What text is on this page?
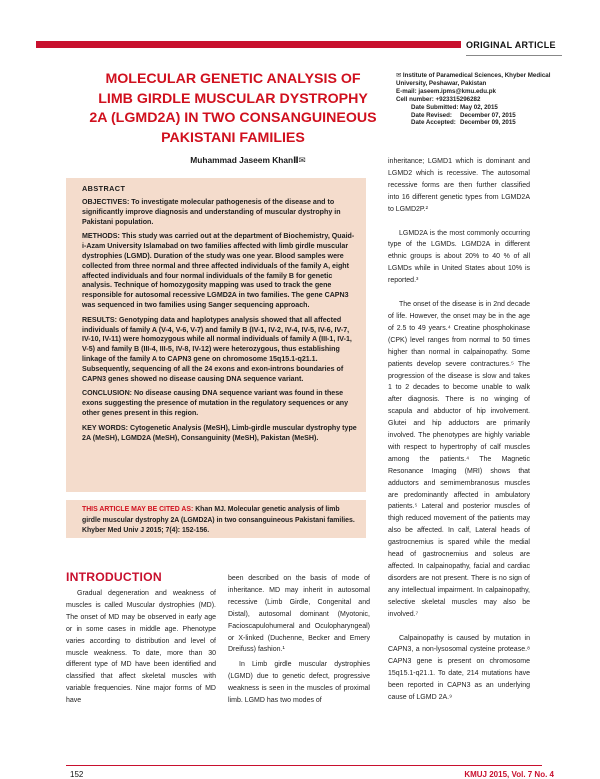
ORIGINAL ARTICLE
MOLECULAR GENETIC ANALYSIS OF LIMB GIRDLE MUSCULAR DYSTROPHY 2A (LGMD2A) IN TWO CONSANGUINEOUS PAKISTANI FAMILIES

Muhammad Jaseem KhanⅡ✉

✉ Institute of Paramedical Sciences, Khyber Medical University, Peshawar, Pakistan
E-mail: jaseem.ipms@kmu.edu.pk
Cell number: +923315296282
Date Submitted: May 02, 2015
Date Revised:	December 07, 2015
Date Accepted: December 09, 2015
ABSTRACT

OBJECTIVES: To investigate molecular pathogenesis of the disease and to significantly improve diagnosis and understanding of muscular dystrophy in Pakistani population.

METHODS: This study was carried out at the department of Biochemistry, Quaid-i-Azam University Islamabad on two families affected with limb girdle muscular dystrophies (LGMD). Duration of the study was one year. Blood samples were collected from three normal and three affected individuals of the family A, eight affected individuals and four normal individuals of the family B for genetic analysis. Technique of homozygosity mapping was used to track the gene responsible for autosomal recessive LGMD2A in two families. The gene CAPN3 was sequenced in two families using Sanger sequencing approach.

RESULTS: Genotyping data and haplotypes analysis showed that all affected individuals of family A (V-4, V-6, V-7) and family B (IV-1, IV-2, IV-4, IV-5, IV-6, IV-7, IV-10, IV-11) were homozygous while all normal individuals of family A (III-1, IV-1, V-5) and family B (III-4, III-5, IV-8, IV-12) were heterozygous, thus establishing linkage of the family A to CAPN3 gene on chromosome 15q15.1-q21.1. Subsequently, sequencing of all the 24 exons and exon-introns boundaries of CAPN3 genes showed no disease causing DNA sequence variant.

CONCLUSION: No disease causing DNA sequence variant was found in these exons suggesting the presence of mutation in the regulatory sequences or any other genes present in this region.

KEY WORDS: Cytogenetic Analysis (MeSH), Limb-girdle muscular dystrophy type 2A (MeSH), LGMD2A (MeSH), Consanguinity (MeSH), Pakistan (MeSH).

THIS ARTICLE MAY BE CITED AS: Khan MJ. Molecular genetic analysis of limb girdle muscular dystrophy 2A (LGMD2A) in two consanguineous Pakistani families. Khyber Med Univ J 2015; 7(4): 152-156.
INTRODUCTION

Gradual degeneration and weakness of muscles is called Muscular dystrophies (MD). The onset of MD may be observed in early age or in some cases in middle age. Phenotype varies according to distribution and level of muscle weakness. To date, more than 30 different type of MD have been identified and classified that affect skeletal muscles with variable frequencies. Nine major forms of MD have

been described on the basis of mode of inheritance. MD may inherit in autosomal recessive (Limb Girdle, Congenital and Distal), autosomal dominant (Myotonic, Facioscapulohumeral and Oculopharyngeal) or X-linked (Duchenne, Becker and Emery Dreifuss) fashion.¹

In Limb girdle muscular dystrophies (LGMD) due to genetic defect, progressive weakness is seen in the muscles of proximal limb. LGMD has two modes of

inheritance; LGMD1 which is dominant and LGMD2 which is recessive. The autosomal recessive forms are then further classified into 16 different genetic types from LGMD2A to LGMD2P.²

LGMD2A is the most commonly occurring type of the LGMDs. LGMD2A in different ethnic groups is about 20% to 40 % of all LGMDs while in United States about 10% is reported.³

The onset of the disease is in 2nd decade of life. However, the onset may be in the age of 2.5 to 49 years.⁴ Creatine phosphokinase (CPK) level ranges from normal to 50 times higher than normal in calpainopathy. Some patients develop severe contractures.⁵ The progression of the disease is slow and takes 1 to 2 decades to become unable to walk after diagnosis. There is no winging of scapula and abductor of hip involvement. Glutei and hip adductors are primarily involved. The phenotypes are highly variable with respect to hypertrophy of calf muscles among the patients.⁴ The Magnetic Resonance Imaging (MRI) shows that adductors and semimembranosus muscles are predominantly affected in ambulatory patients.⁵ Lateral and posterior muscles of thigh reduced movement of the patients may also be affected. In calf, Lateral heads of gastrocnemius is spared while the medial head of gastrocnemius and soleus are affected. In calpainopathy, facial and cardiac disorders are not present. There is no sign of any intellectual impairment. In calpainopathy, selective skeletal muscles may also be involved.⁷

Calpainopathy is caused by mutation in CAPN3, a non-lysosomal cysteine protease.⁸ CAPN3 gene is present on chromosome 15q15.1-q21.1. To date, 214 mutations have been reported in CAPN3 as an underlying cause of LGMD 2A.⁹

152	KMUJ 2015, Vol. 7 No. 4
